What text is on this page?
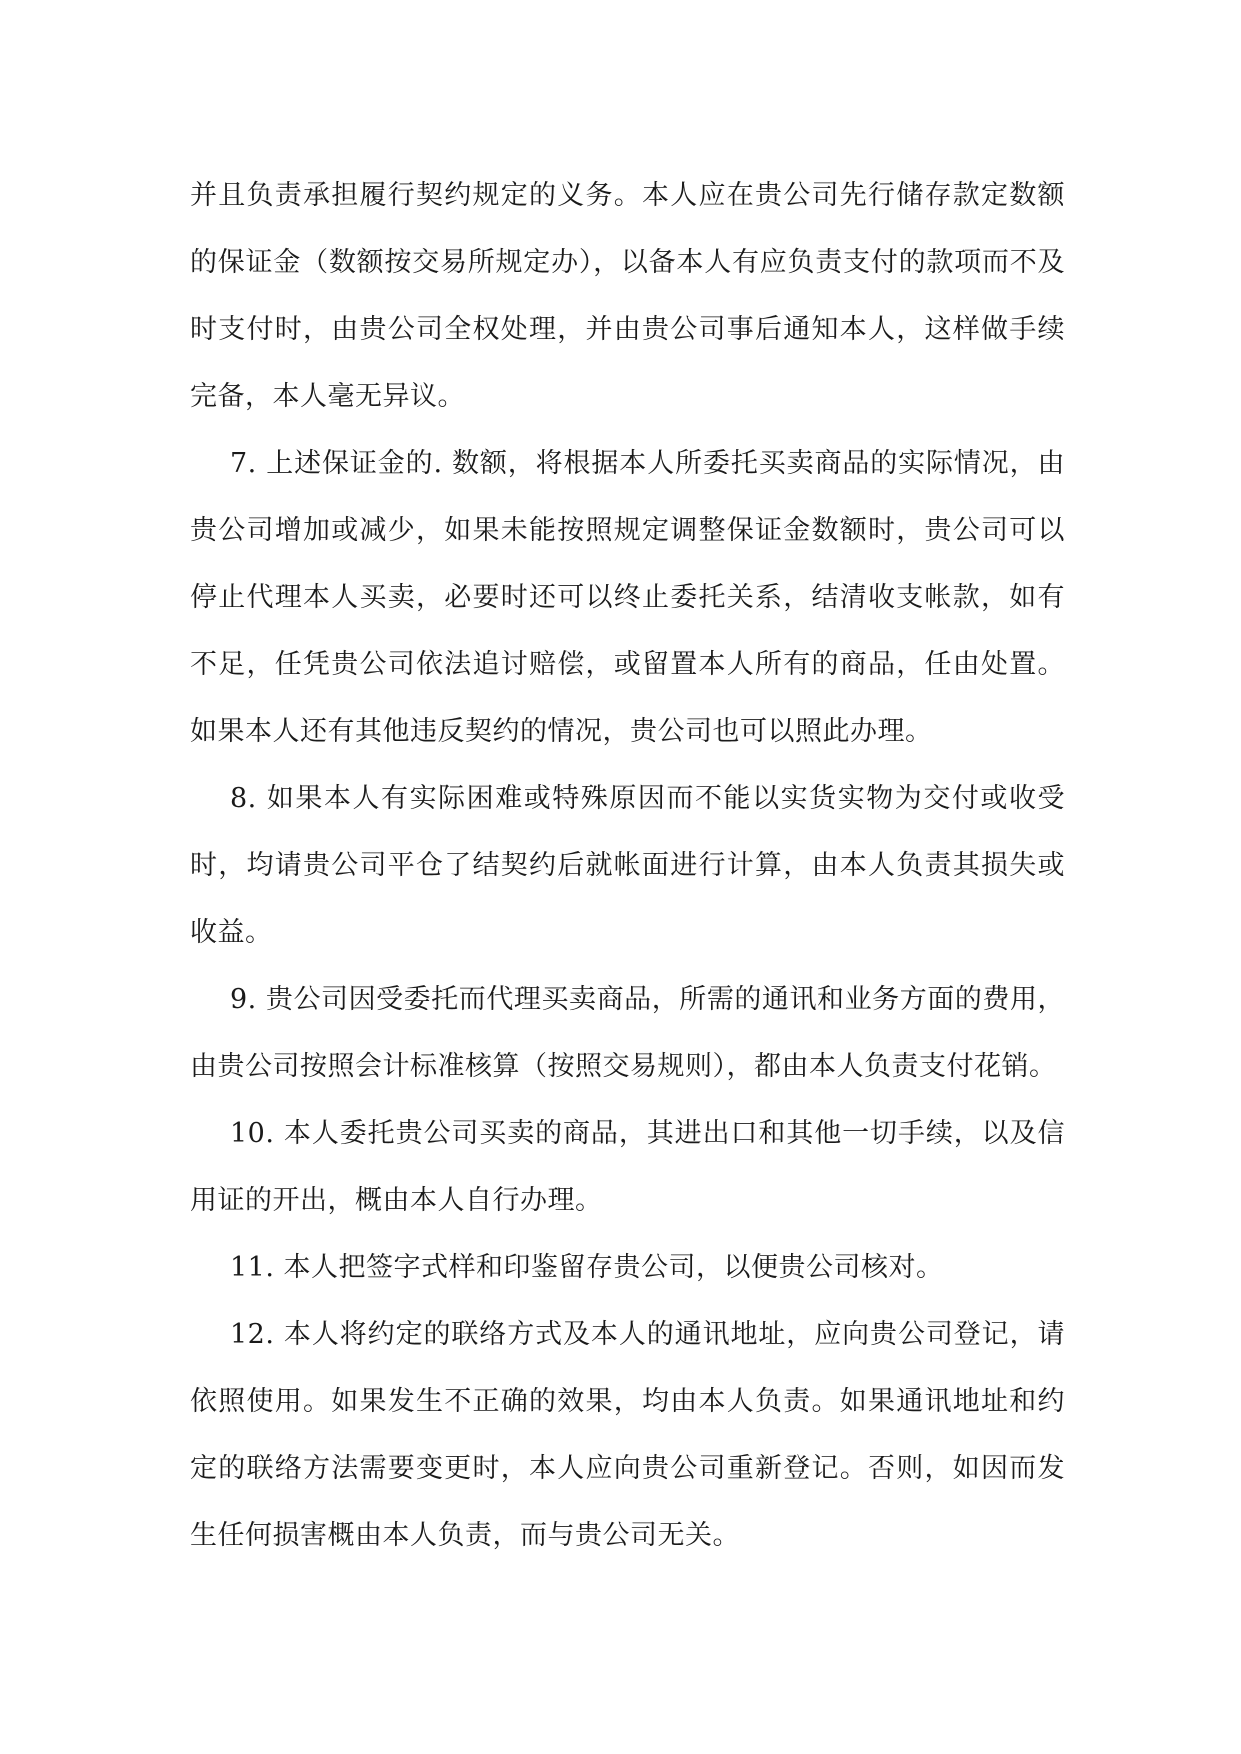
并且负责承担履行契约规定的义务。本人应在贵公司先行储存款定数额的保证金（数额按交易所规定办），以备本人有应负责支付的款项而不及时支付时，由贵公司全权处理，并由贵公司事后通知本人，这样做手续完备，本人毫无异议。

7. 上述保证金的. 数额，将根据本人所委托买卖商品的实际情况，由贵公司增加或减少，如果未能按照规定调整保证金数额时，贵公司可以停止代理本人买卖，必要时还可以终止委托关系，结清收支帐款，如有不足，任凭贵公司依法追讨赔偿，或留置本人所有的商品，任由处置。如果本人还有其他违反契约的情况，贵公司也可以照此办理。

8. 如果本人有实际困难或特殊原因而不能以实货实物为交付或收受时，均请贵公司平仓了结契约后就帐面进行计算，由本人负责其损失或收益。

9. 贵公司因受委托而代理买卖商品，所需的通讯和业务方面的费用，由贵公司按照会计标准核算（按照交易规则），都由本人负责支付花销。

10. 本人委托贵公司买卖的商品，其进出口和其他一切手续，以及信用证的开出，概由本人自行办理。

11. 本人把签字式样和印鉴留存贵公司，以便贵公司核对。

12. 本人将约定的联络方式及本人的通讯地址，应向贵公司登记，请依照使用。如果发生不正确的效果，均由本人负责。如果通讯地址和约定的联络方法需要变更时，本人应向贵公司重新登记。否则，如因而发生任何损害概由本人负责，而与贵公司无关。
